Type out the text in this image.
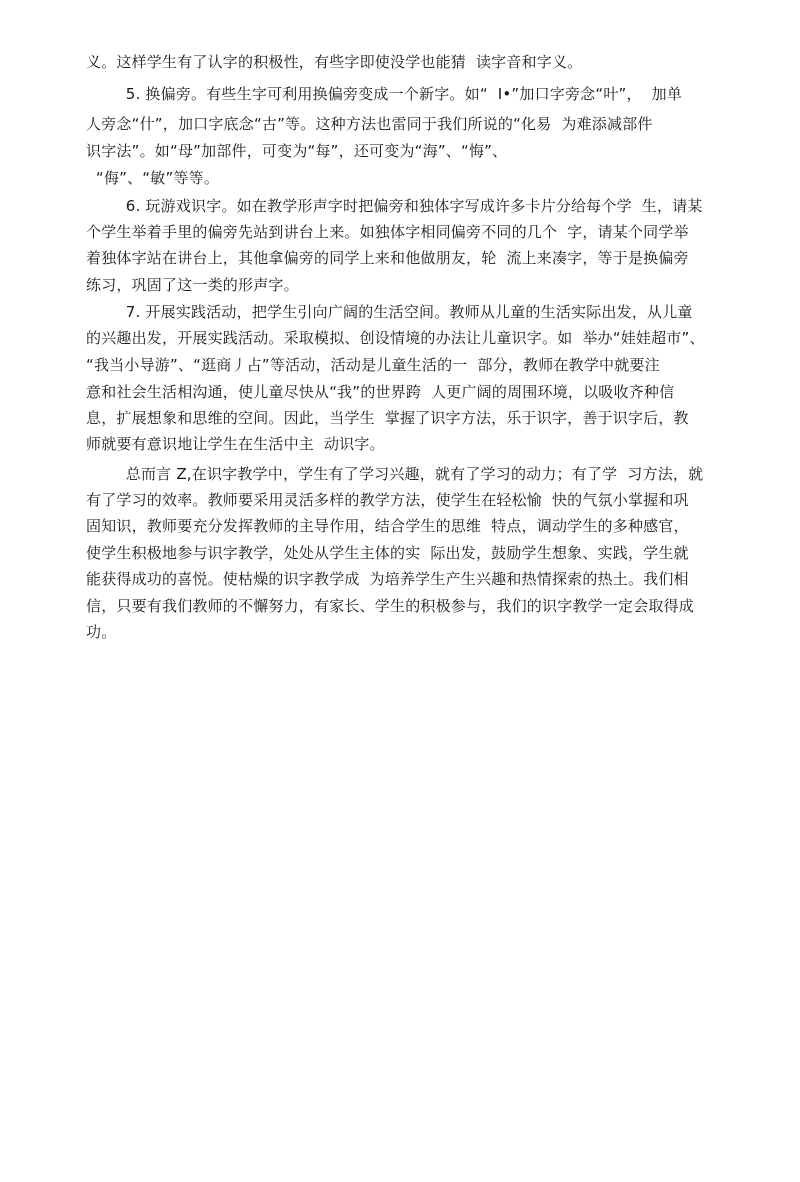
义。这样学生有了认字的积极性，有些字即使没学也能猜  读字音和字义。
5. 换偏旁。有些生字可利用换偏旁变成一个新字。如“  I•”加口字旁念“叶”，  加单
人旁念“什”，加口字底念“古”等。这种方法也雷同于我们所说的“化易  为难添减部件
识字法”。如“母”加部件，可变为“每”，还可变为“海”、“悔”、
“侮”、“敏”等等。
6. 玩游戏识字。如在教学形声字时把偏旁和独体字写成许多卡片分给每个学  生，请某
个学生举着手里的偏旁先站到讲台上来。如独体字相同偏旁不同的几个  字，请某个同学举
着独体字站在讲台上，其他拿偏旁的同学上来和他做朋友，轮  流上来凑字，等于是换偏旁
练习，巩固了这一类的形声字。
7. 开展实践活动，把学生引向广阔的生活空间。教师从儿童的生活实际出发，从儿童
的兴趣出发，开展实践活动。采取模拟、创设情境的办法让儿童识字。如  举办“娃娃超市”、
“我当小导游”、“逛商丿占”等活动，活动是儿童生活的一  部分，教师在教学中就要注
意和社会生活相沟通，使儿童尽快从“我”的世界跨  人更广阔的周围环境，以吸收齐种信
息，扩展想象和思维的空间。因此，当学生  掌握了识字方法，乐于识字，善于识字后，教
师就要有意识地让学生在生活中主  动识字。
总而言 Z,在识字教学中，学生有了学习兴趣，就有了学习的动力；有了学  习方法，就
有了学习的效率。教师要采用灵活多样的教学方法，使学生在轻松愉  快的气氛小掌握和巩
固知识，教师要充分发挥教师的主导作用，结合学生的思维  特点，调动学生的多种感官，
使学生积极地参与识字教学，处处从学生主体的实  际出发，鼓励学生想象、实践，学生就
能获得成功的喜悦。使枯燥的识字教学成  为培养学生产生兴趣和热情探索的热土。我们相
信，只要有我们教师的不懈努力，有家长、学生的积极参与，我们的识字教学一定会取得成
功。
